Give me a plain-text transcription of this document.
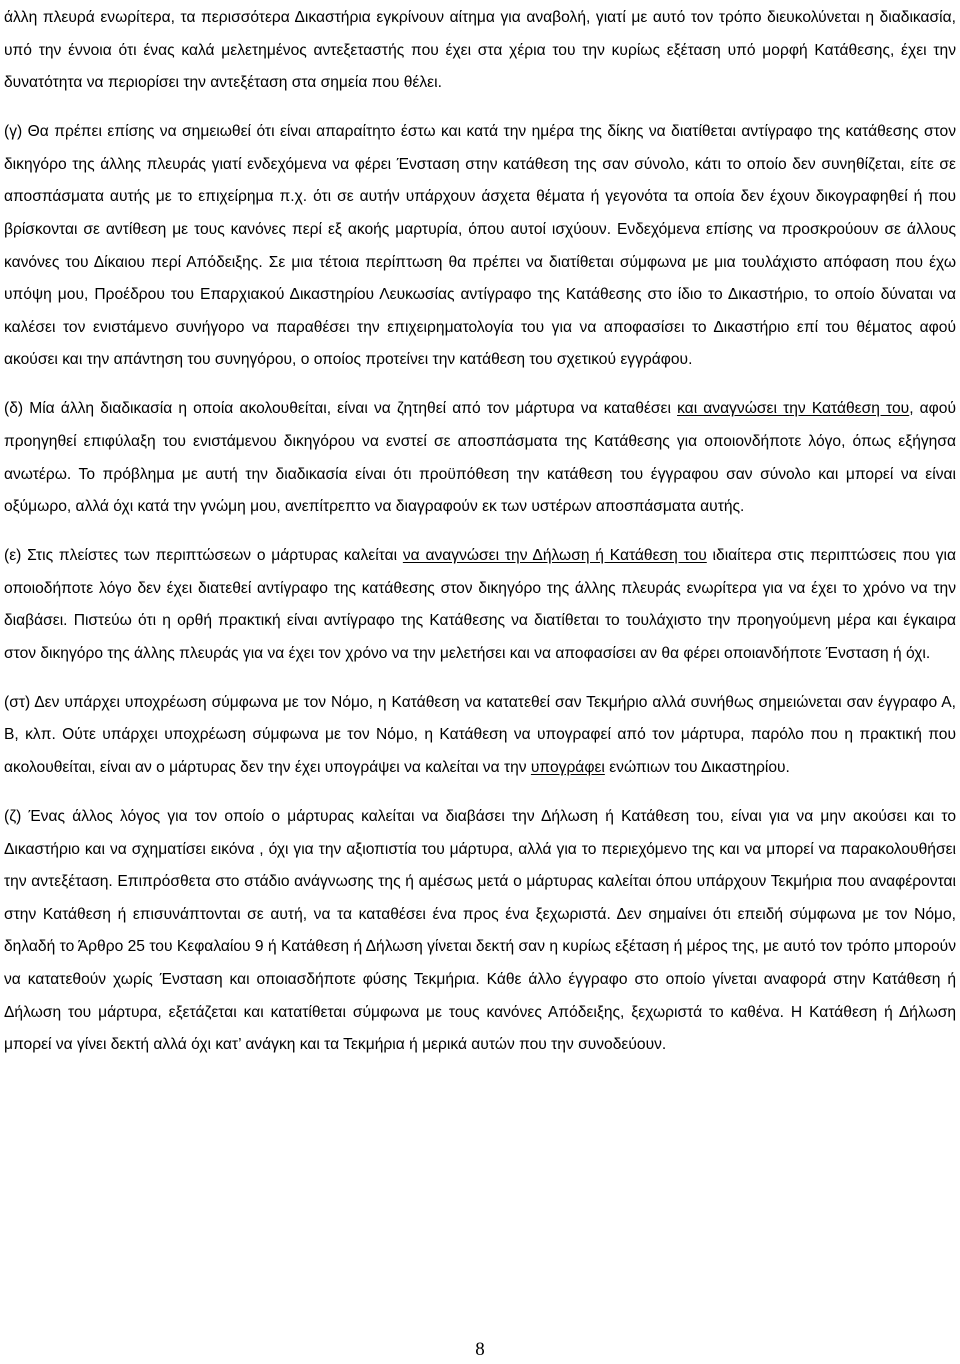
άλλη πλευρά ενωρίτερα, τα περισσότερα Δικαστήρια εγκρίνουν αίτημα για αναβολή, γιατί με αυτό τον τρόπο διευκολύνεται η διαδικασία, υπό την έννοια ότι ένας καλά μελετημένος αντεξεταστής που έχει στα χέρια του την κυρίως εξέταση υπό μορφή Κατάθεσης, έχει την δυνατότητα να περιορίσει την αντεξέταση στα σημεία που θέλει.

(γ) Θα πρέπει επίσης να σημειωθεί ότι είναι απαραίτητο έστω και κατά την ημέρα της δίκης να διατίθεται αντίγραφο της κατάθεσης στον δικηγόρο της άλλης πλευράς γιατί ενδεχόμενα να φέρει Ένσταση στην κατάθεση της σαν σύνολο, κάτι το οποίο δεν συνηθίζεται, είτε σε αποσπάσματα αυτής με το επιχείρημα π.χ. ότι σε αυτήν υπάρχουν άσχετα θέματα ή γεγονότα τα οποία δεν έχουν δικογραφηθεί ή που βρίσκονται σε αντίθεση με τους κανόνες περί εξ ακοής μαρτυρία, όπου αυτοί ισχύουν. Ενδεχόμενα επίσης να προσκρούουν σε άλλους κανόνες του Δίκαιου περί Απόδειξης. Σε μια τέτοια περίπτωση θα πρέπει να διατίθεται σύμφωνα με μια τουλάχιστο απόφαση που έχω υπόψη μου, Προέδρου του Επαρχιακού Δικαστηρίου Λευκωσίας αντίγραφο της Κατάθεσης στο ίδιο το Δικαστήριο, το οποίο δύναται να καλέσει τον ενιστάμενο συνήγορο να παραθέσει την επιχειρηματολογία του για να αποφασίσει το Δικαστήριο επί του θέματος αφού ακούσει και την απάντηση του συνηγόρου, ο οποίος προτείνει την κατάθεση του σχετικού εγγράφου.

(δ) Μία άλλη διαδικασία η οποία ακολουθείται, είναι να ζητηθεί από τον μάρτυρα να καταθέσει και αναγνώσει την Κατάθεση του, αφού προηγηθεί επιφύλαξη του ενιστάμενου δικηγόρου να ενστεί σε αποσπάσματα της Κατάθεσης για οποιονδήποτε λόγο, όπως εξήγησα ανωτέρω. Το πρόβλημα με αυτή την διαδικασία είναι ότι προϋπόθεση την κατάθεση του έγγραφου σαν σύνολο και μπορεί να είναι οξύμωρο, αλλά όχι κατά την γνώμη μου, ανεπίτρεπτο να διαγραφούν εκ των υστέρων αποσπάσματα αυτής.

(ε) Στις πλείστες των περιπτώσεων ο μάρτυρας καλείται να αναγνώσει την Δήλωση ή Κατάθεση του ιδιαίτερα στις περιπτώσεις που για οποιοδήποτε λόγο δεν έχει διατεθεί αντίγραφο της κατάθεσης στον δικηγόρο της άλλης πλευράς ενωρίτερα για να έχει το χρόνο να την διαβάσει. Πιστεύω ότι η ορθή πρακτική είναι αντίγραφο της Κατάθεσης να διατίθεται το τουλάχιστο την προηγούμενη μέρα και έγκαιρα στον δικηγόρο της άλλης πλευράς για να έχει τον χρόνο να την μελετήσει και να αποφασίσει αν θα φέρει οποιανδήποτε Ένσταση ή όχι.

(στ) Δεν υπάρχει υποχρέωση σύμφωνα με τον Νόμο, η Κατάθεση να κατατεθεί σαν Τεκμήριο αλλά συνήθως σημειώνεται σαν έγγραφο Α, Β, κλπ. Ούτε υπάρχει υποχρέωση σύμφωνα με τον Νόμο, η Κατάθεση να υπογραφεί από τον μάρτυρα, παρόλο που η πρακτική που ακολουθείται, είναι αν ο μάρτυρας δεν την έχει υπογράψει να καλείται να την υπογράφει ενώπιων του Δικαστηρίου.

(ζ) Ένας άλλος λόγος για τον οποίο ο μάρτυρας καλείται να διαβάσει την Δήλωση ή Κατάθεση του, είναι για να μην ακούσει και το Δικαστήριο και να σχηματίσει εικόνα , όχι για την αξιοπιστία του μάρτυρα, αλλά για το περιεχόμενο της και να μπορεί να παρακολουθήσει την αντεξέταση. Επιπρόσθετα στο στάδιο ανάγνωσης της ή αμέσως μετά ο μάρτυρας καλείται όπου υπάρχουν Τεκμήρια που αναφέρονται στην Κατάθεση ή επισυνάπτονται σε αυτή, να τα καταθέσει ένα προς ένα ξεχωριστά. Δεν σημαίνει ότι επειδή σύμφωνα με τον Νόμο, δηλαδή το Άρθρο 25 του Κεφαλαίου 9 ή Κατάθεση ή Δήλωση γίνεται δεκτή σαν η κυρίως εξέταση ή μέρος της, με αυτό τον τρόπο μπορούν να κατατεθούν χωρίς Ένσταση και οποιασδήποτε φύσης Τεκμήρια. Κάθε άλλο έγγραφο στο οποίο γίνεται αναφορά στην Κατάθεση ή Δήλωση του μάρτυρα, εξετάζεται και κατατίθεται σύμφωνα με τους κανόνες Απόδειξης, ξεχωριστά το καθένα. Η Κατάθεση ή Δήλωση μπορεί να γίνει δεκτή αλλά όχι κατ’ ανάγκη και τα Τεκμήρια ή μερικά αυτών που την συνοδεύουν.

8
